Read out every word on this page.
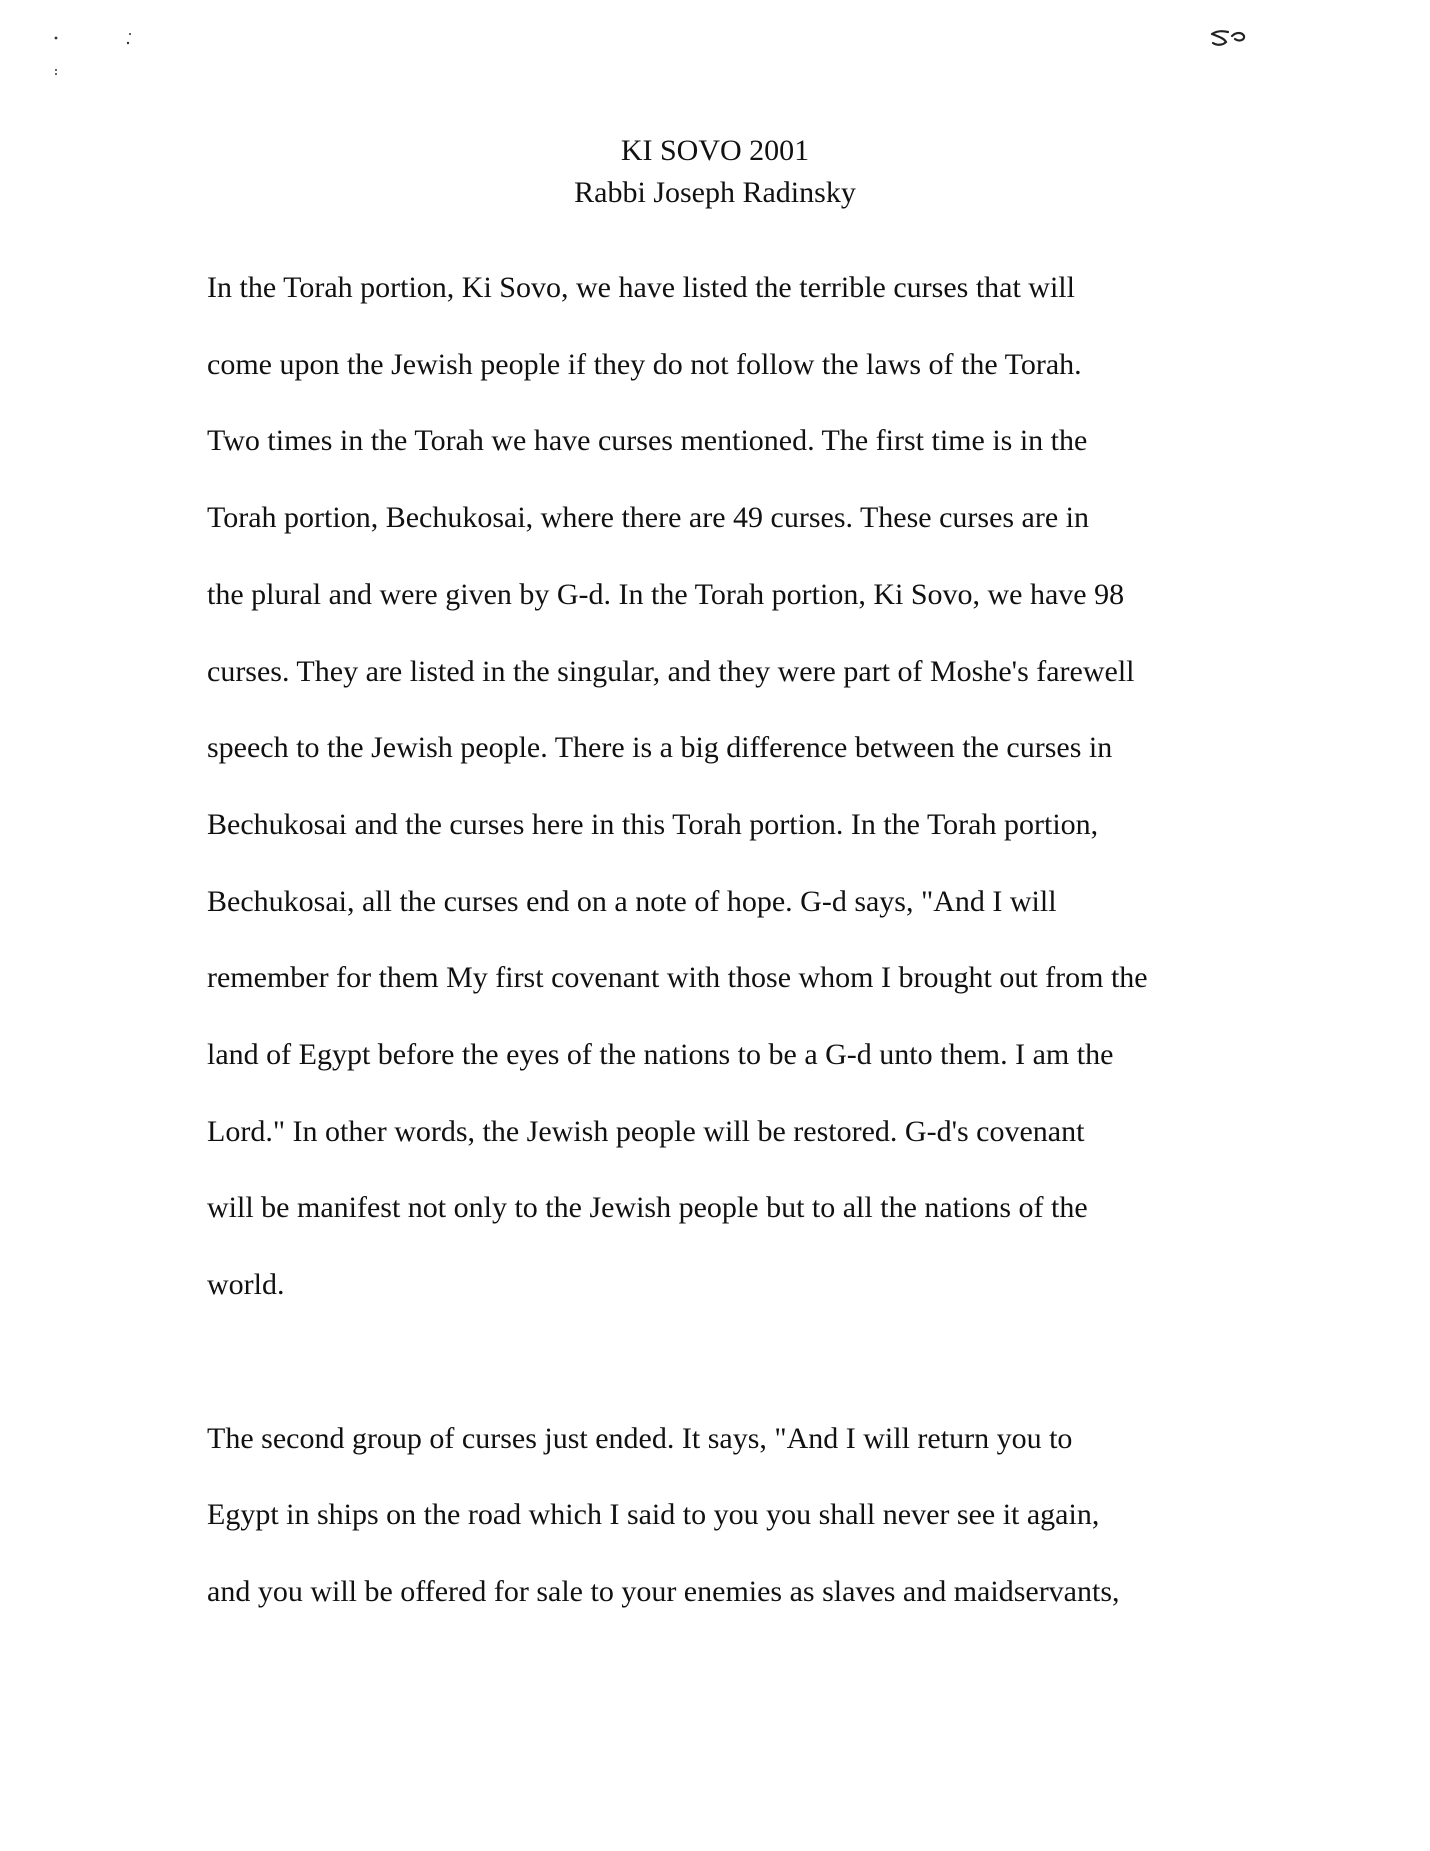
KI SOVO 2001
Rabbi Joseph Radinsky
In the Torah portion, Ki Sovo, we have listed the terrible curses that will
come upon the Jewish people if they do not follow the laws of the Torah.
Two times in the Torah we have curses mentioned. The first time is in the
Torah portion, Bechukosai, where there are 49 curses. These curses are in
the plural and were given by G-d. In the Torah portion, Ki Sovo, we have 98
curses. They are listed in the singular, and they were part of Moshe's farewell
speech to the Jewish people. There is a big difference between the curses in
Bechukosai and the curses here in this Torah portion. In the Torah portion,
Bechukosai, all the curses end on a note of hope. G-d says, "And I will
remember for them My first covenant with those whom I brought out from the
land of Egypt before the eyes of the nations to be a G-d unto them. I am the
Lord." In other words, the Jewish people will be restored. G-d's covenant
will be manifest not only to the Jewish people but to all the nations of the
world.
The second group of curses just ended. It says, "And I will return you to
Egypt in ships on the road which I said to you you shall never see it again,
and you will be offered for sale to your enemies as slaves and maidservants,
